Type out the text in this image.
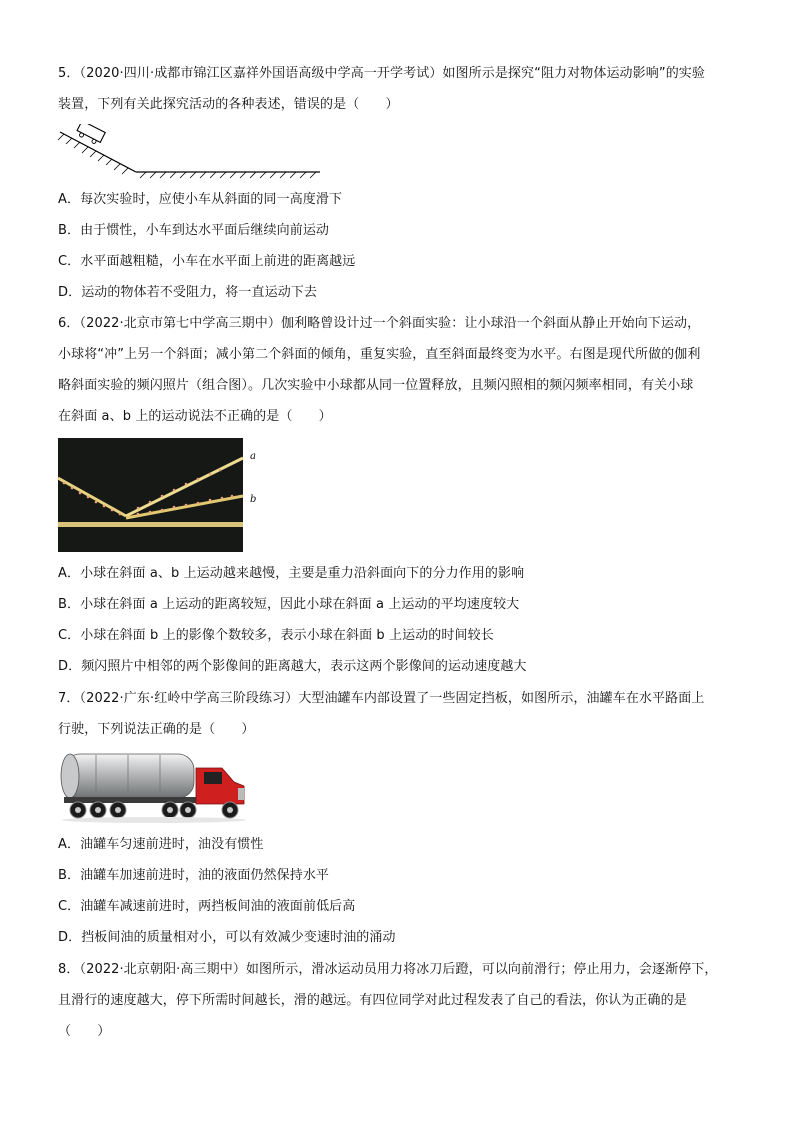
5．（2020·四川·成都市锦江区嘉祥外国语高级中学高一开学考试）如图所示是探究“阻力对物体运动影响”的实验
装置，下列有关此探究活动的各种表述，错误的是（　　）
A．每次实验时，应使小车从斜面的同一高度滑下
B．由于惯性，小车到达水平面后继续向前运动
C．水平面越粗糙，小车在水平面上前进的距离越远
D．运动的物体若不受阻力，将一直运动下去
6．（2022·北京市第七中学高三期中）伽利略曾设计过一个斜面实验：让小球沿一个斜面从静止开始向下运动，
小球将“冲”上另一个斜面；减小第二个斜面的倾角，重复实验，直至斜面最终变为水平。右图是现代所做的伽利
略斜面实验的频闪照片（组合图）。几次实验中小球都从同一位置释放，且频闪照相的频闪频率相同，有关小球
在斜面 a、b 上的运动说法不正确的是（　　）
a
b
A．小球在斜面 a、b 上运动越来越慢，主要是重力沿斜面向下的分力作用的影响
B．小球在斜面 a 上运动的距离较短，因此小球在斜面 a 上运动的平均速度较大
C．小球在斜面 b 上的影像个数较多，表示小球在斜面 b 上运动的时间较长
D．频闪照片中相邻的两个影像间的距离越大，表示这两个影像间的运动速度越大
7．（2022·广东·红岭中学高三阶段练习）大型油罐车内部设置了一些固定挡板，如图所示，油罐车在水平路面上
行驶，下列说法正确的是（　　）
A．油罐车匀速前进时，油没有惯性
B．油罐车加速前进时，油的液面仍然保持水平
C．油罐车减速前进时，两挡板间油的液面前低后高
D．挡板间油的质量相对小，可以有效减少变速时油的涌动
8．（2022·北京朝阳·高三期中）如图所示，滑冰运动员用力将冰刀后蹬，可以向前滑行；停止用力，会逐渐停下，
且滑行的速度越大，停下所需时间越长，滑的越远。有四位同学对此过程发表了自己的看法，你认为正确的是
（　　）
